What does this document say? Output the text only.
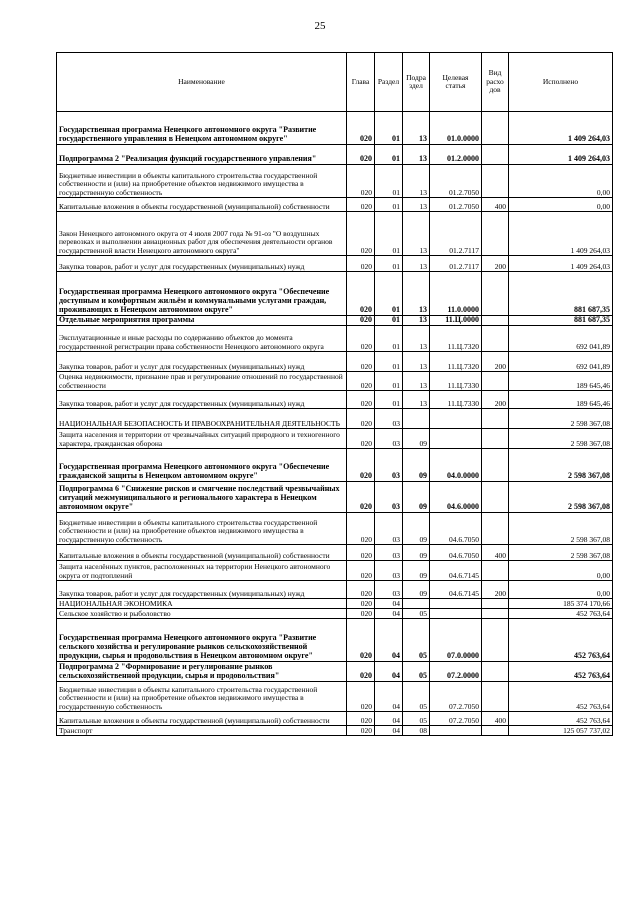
25
Наименование	Глава	Раздел	Подра здел	Целевая статья	Вид расхо дов	Исполнено
Государственная программа Ненецкого автономного округа "Развитие государственного управления в Ненецком автономном округе"	020	01	13	01.0.0000		1 409 264,03
Подпрограмма 2 "Реализация функций государственного управления"	020	01	13	01.2.0000		1 409 264,03
Бюджетные инвестиции в объекты капитального строительства государственной собственности и (или) на приобретение объектов недвижимого имущества в государственную собственность	020	01	13	01.2.7050		0,00
Капитальные вложения в объекты государственной (муниципальной) собственности	020	01	13	01.2.7050	400	0,00
Закон Ненецкого автономного округа от 4 июля 2007 года № 91-оз "О воздушных перевозках и выполнении авиационных работ для обеспечения деятельности органов государственной власти Ненецкого автономного округа"	020	01	13	01.2.7117		1 409 264,03
Закупка товаров, работ и услуг для государственных (муниципальных) нужд	020	01	13	01.2.7117	200	1 409 264,03
Государственная программа Ненецкого автономного округа "Обеспечение доступным и комфортным жильём и коммунальными услугами граждан, проживающих в Ненецком автономном округе"	020	01	13	11.0.0000		881 687,35
Отдельные мероприятия программы	020	01	13	11.Ц.0000		881 687,35
Эксплуатационные и иные расходы по содержанию объектов до момента государственной регистрации права собственности Ненецкого автономного округа	020	01	13	11.Ц.7320		692 041,89
Закупка товаров, работ и услуг для государственных (муниципальных) нужд	020	01	13	11.Ц.7320	200	692 041,89
Оценка недвижимости, признание прав и регулирование отношений по государственной собственности	020	01	13	11.Ц.7330		189 645,46
Закупка товаров, работ и услуг для государственных (муниципальных) нужд	020	01	13	11.Ц.7330	200	189 645,46
НАЦИОНАЛЬНАЯ БЕЗОПАСНОСТЬ И ПРАВООХРАНИТЕЛЬНАЯ ДЕЯТЕЛЬНОСТЬ	020	03				2 598 367,08
Защита населения и территории от чрезвычайных ситуаций природного и техногенного характера, гражданская оборона	020	03	09			2 598 367,08
Государственная программа Ненецкого автономного округа "Обеспечение гражданской защиты в Ненецком автономном округе"	020	03	09	04.0.0000		2 598 367,08
Подпрограмма 6 "Снижение рисков и смягчение последствий чрезвычайных ситуаций межмуниципального и регионального характера в Ненецком автономном округе"	020	03	09	04.6.0000		2 598 367,08
Бюджетные инвестиции в объекты капитального строительства государственной собственности и (или) на приобретение объектов недвижимого имущества в государственную собственность	020	03	09	04.6.7050		2 598 367,08
Капитальные вложения в объекты государственной (муниципальной) собственности	020	03	09	04.6.7050	400	2 598 367,08
Защита населённых пунктов, расположенных на территории Ненецкого автономного округа от подтоплений	020	03	09	04.6.7145		0,00
Закупка товаров, работ и услуг для государственных (муниципальных) нужд	020	03	09	04.6.7145	200	0,00
НАЦИОНАЛЬНАЯ ЭКОНОМИКА	020	04				185 374 170,66
Сельское хозяйство и рыболовство	020	04	05			452 763,64
Государственная программа Ненецкого автономного округа "Развитие сельского хозяйства и регулирование рынков сельскохозяйственной продукции, сырья и продовольствия в Ненецком автономном округе"	020	04	05	07.0.0000		452 763,64
Подпрограмма 2 "Формирование и регулирование рынков сельскохозяйственной продукции, сырья и продовольствия"	020	04	05	07.2.0000		452 763,64
Бюджетные инвестиции в объекты капитального строительства государственной собственности и (или) на приобретение объектов недвижимого имущества в государственную собственность	020	04	05	07.2.7050		452 763,64
Капитальные вложения в объекты государственной (муниципальной) собственности	020	04	05	07.2.7050	400	452 763,64
Транспорт	020	04	08			125 057 737,02
